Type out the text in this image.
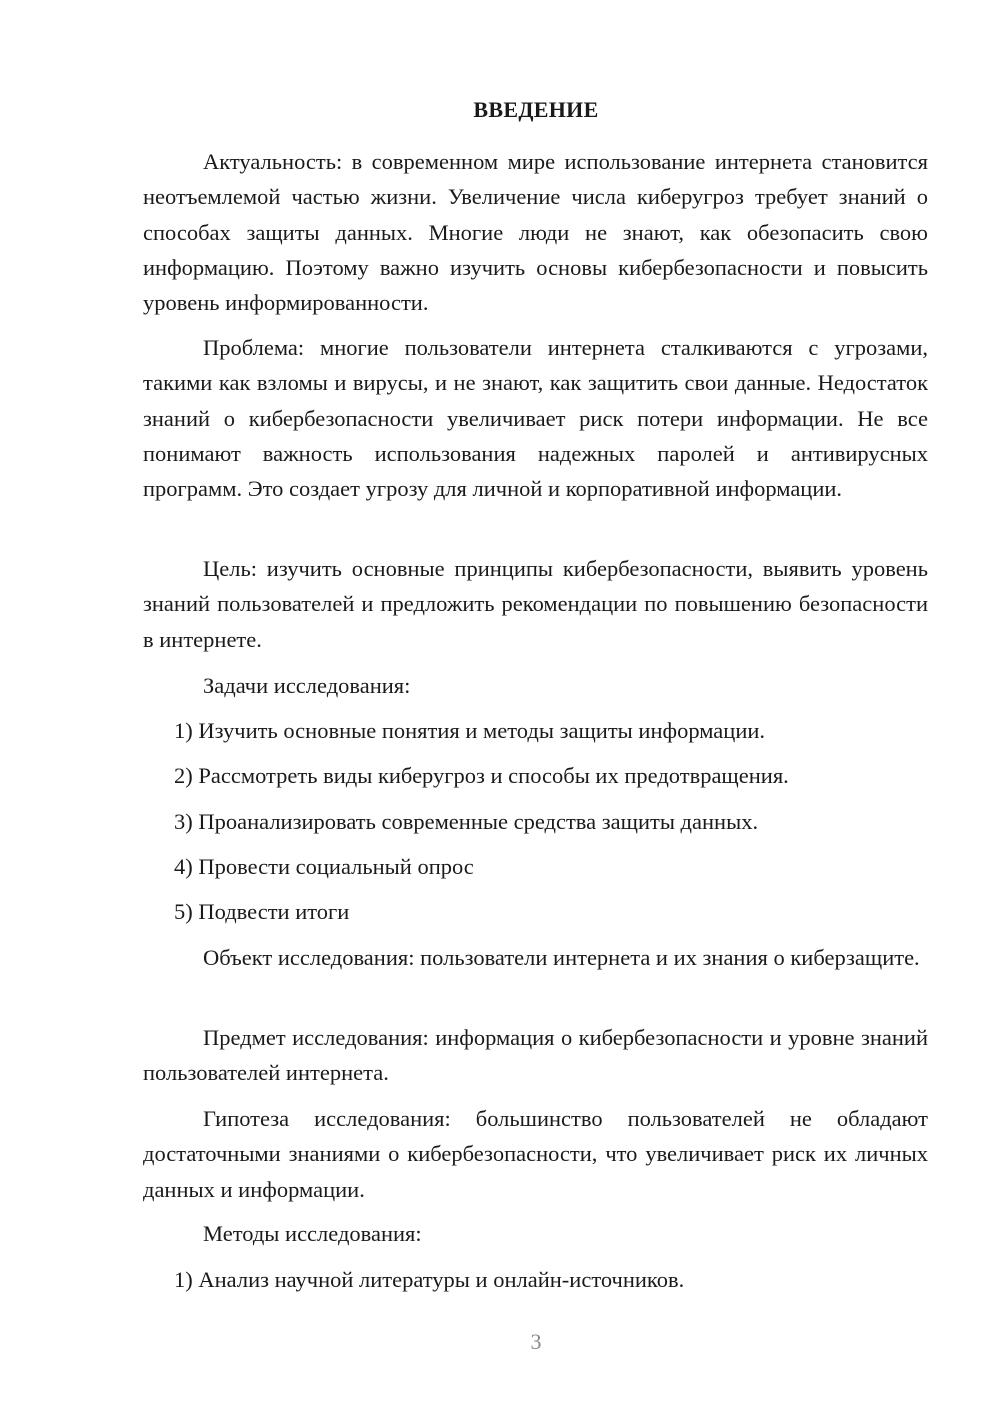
ВВЕДЕНИЕ

Актуальность: в современном мире использование интернета становится неотъемлемой частью жизни. Увеличение числа киберугроз требует знаний о способах защиты данных. Многие люди не знают, как обезопасить свою информацию. Поэтому важно изучить основы кибербезопасности и повысить уровень информированности.

Проблема: многие пользователи интернета сталкиваются с угрозами, такими как взломы и вирусы, и не знают, как защитить свои данные. Недостаток знаний о кибербезопасности увеличивает риск потери информации. Не все понимают важность использования надежных паролей и антивирусных программ. Это создает угрозу для личной и корпоративной информации.

Цель: изучить основные принципы кибербезопасности, выявить уровень знаний пользователей и предложить рекомендации по повышению безопасности в интернете.

Задачи исследования:
1) Изучить основные понятия и методы защиты информации.
2) Рассмотреть виды киберугроз и способы их предотвращения.
3) Проанализировать современные средства защиты данных.
4) Провести социальный опрос
5) Подвести итоги

Объект исследования: пользователи интернета и их знания о киберзащите.

Предмет исследования: информация о кибербезопасности и уровне знаний пользователей интернета.

Гипотеза исследования: большинство пользователей не обладают достаточными знаниями о кибербезопасности, что увеличивает риск их личных данных и информации.

Методы исследования:
1) Анализ научной литературы и онлайн-источников.
3
